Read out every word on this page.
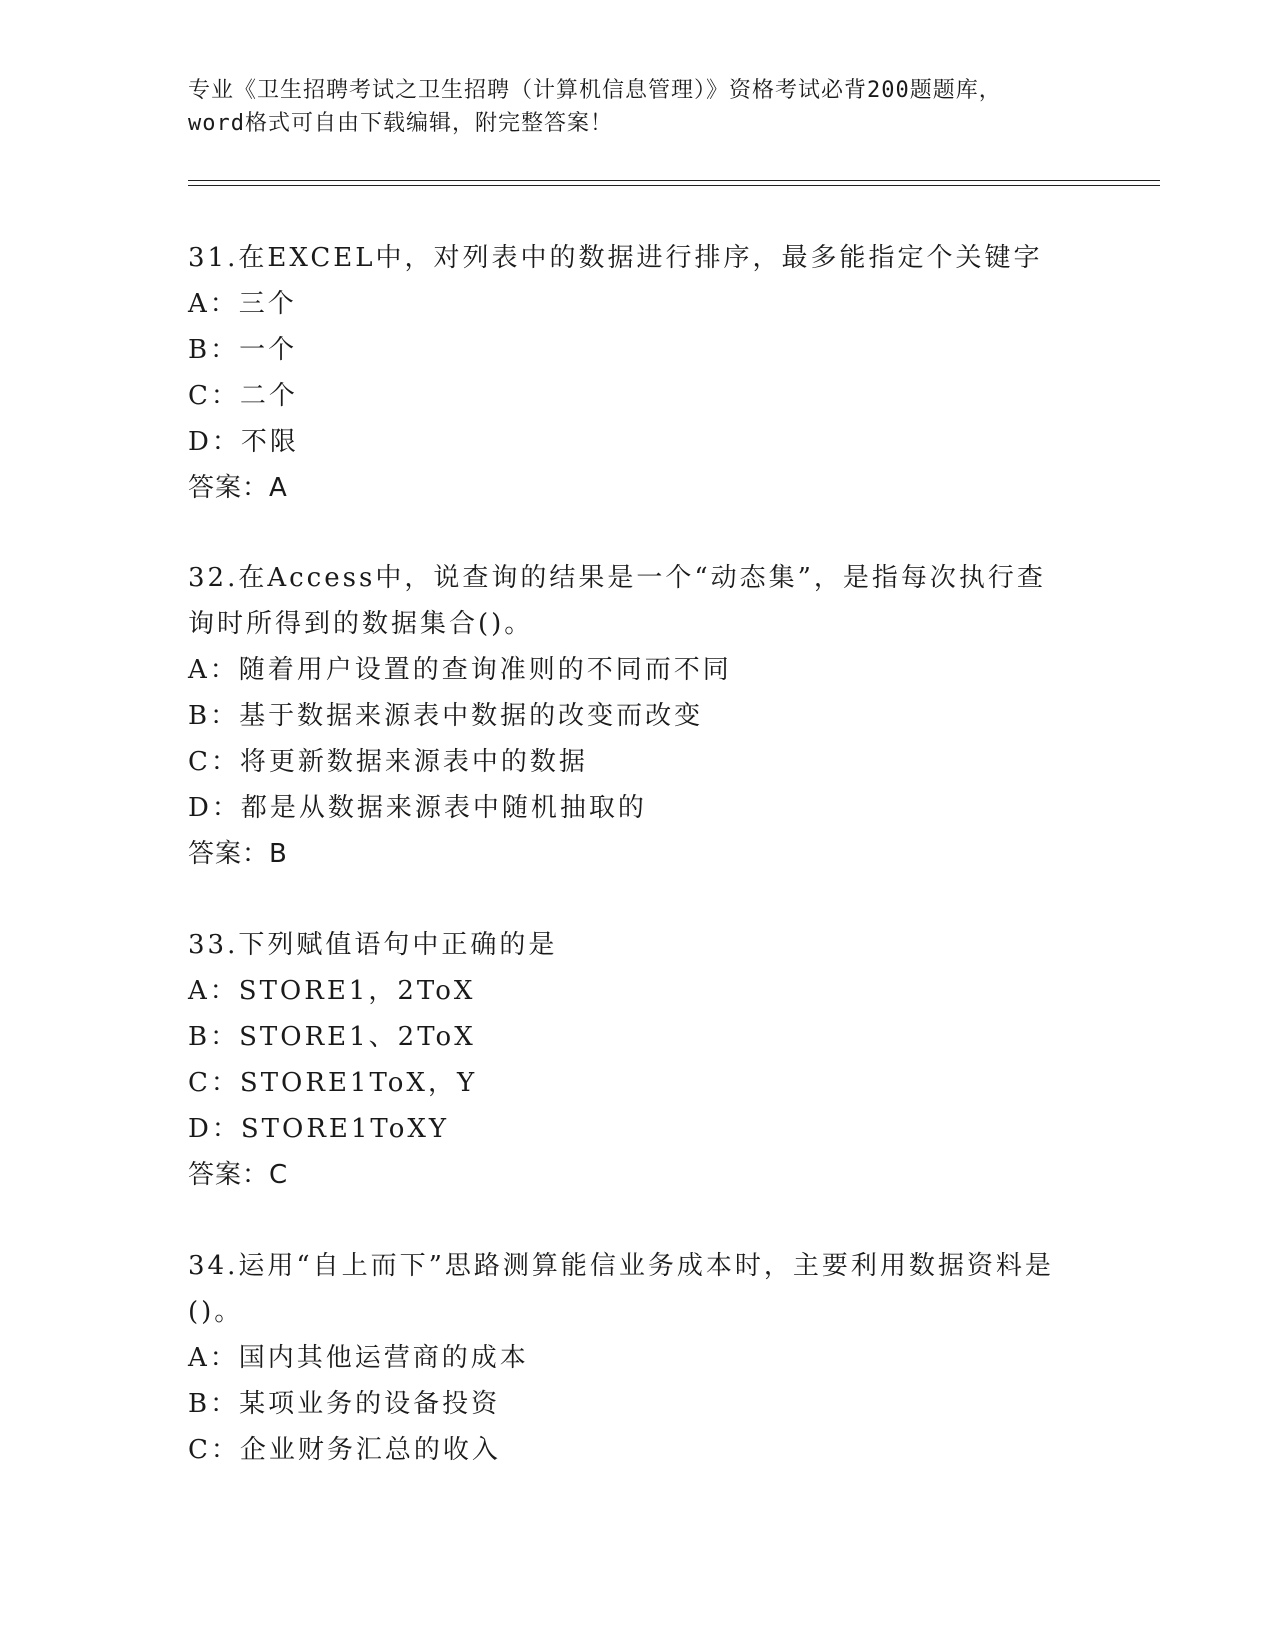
专业《卫生招聘考试之卫生招聘（计算机信息管理）》资格考试必背200题题库，

word格式可自由下载编辑，附完整答案！

31.在EXCEL中，对列表中的数据进行排序，最多能指定个关键字

A：三个

B：一个

C：二个

D：不限

答案：A

32.在Access中，说查询的结果是一个“动态集”，是指每次执行查

询时所得到的数据集合()。

A：随着用户设置的查询准则的不同而不同

B：基于数据来源表中数据的改变而改变

C：将更新数据来源表中的数据

D：都是从数据来源表中随机抽取的

答案：B

33.下列赋值语句中正确的是

A：STORE1，2ToX

B：STORE1、2ToX

C：STORE1ToX，Y

D：STORE1ToXY

答案：C

34.运用“自上而下”思路测算能信业务成本时，主要利用数据资料是

()。

A：国内其他运营商的成本

B：某项业务的设备投资

C：企业财务汇总的收入
